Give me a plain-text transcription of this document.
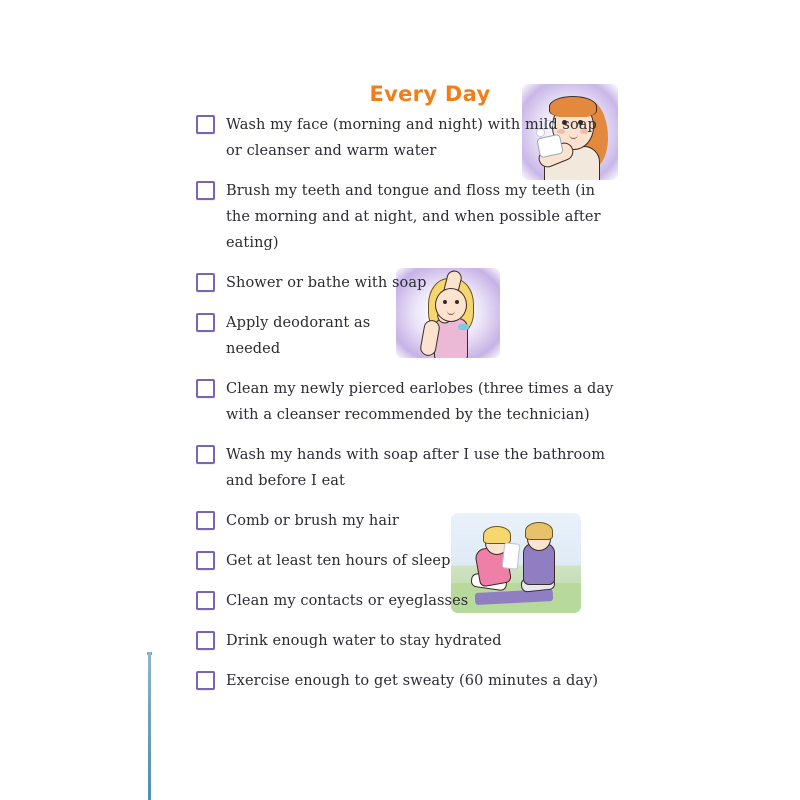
Every Day
Wash my face (morning and night) with mild soap or cleanser and warm water
Brush my teeth and tongue and floss my teeth (in the morning and at night, and when possible after eating)
Shower or bathe with soap
Apply deodorant as needed
Clean my newly pierced earlobes (three times a day with a cleanser recommended by the technician)
Wash my hands with soap after I use the bathroom and before I eat
Comb or brush my hair
Get at least ten hours of sleep
Clean my contacts or eyeglasses
Drink enough water to stay hydrated
Exercise enough to get sweaty (60 minutes a day)
